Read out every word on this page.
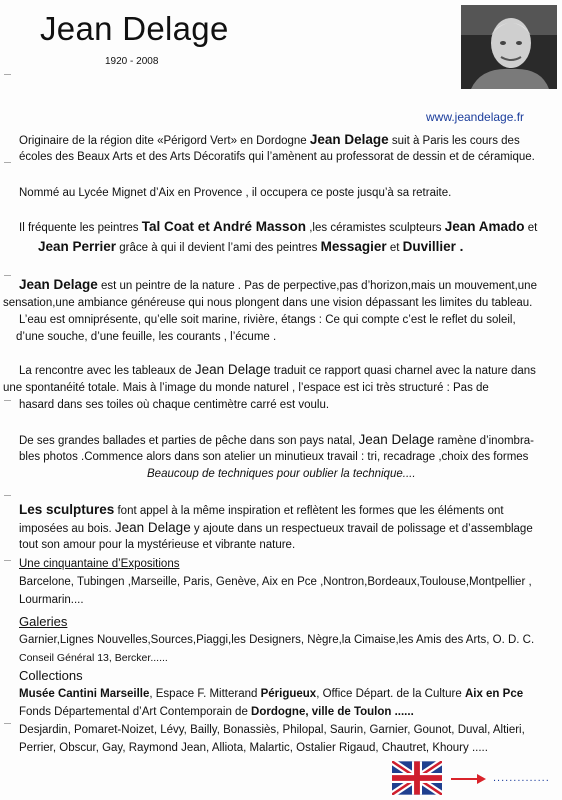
Jean Delage
1920 - 2008
www.jeandelage.fr
Originaire de la région dite «Périgord Vert» en Dordogne Jean Delage suit à Paris les cours des
écoles des Beaux Arts et des Arts Décoratifs qui l’amènent au professorat de dessin et de céramique.
Nommé au Lycée Mignet d’Aix en Provence , il occupera ce poste jusqu’à sa retraite.
Il fréquente les peintres Tal Coat et André Masson ,les céramistes sculpteurs Jean Amado et
Jean Perrier grâce à qui il devient l’ami des peintres Messagier et Duvillier .
Jean Delage est un peintre de la nature . Pas de perpective,pas d’horizon,mais un mouvement,une
sensation,une ambiance généreuse qui nous plongent dans une vision dépassant les limites du tableau.
L’eau est omniprésente, qu’elle soit marine, rivière, étangs : Ce qui compte c’est le reflet du soleil,
d’une souche, d’une feuille, les courants , l’écume .
La rencontre avec les tableaux de Jean Delage traduit ce rapport quasi charnel avec la nature dans
une spontanéité totale. Mais à l’image du monde naturel , l’espace est ici très structuré : Pas de
hasard dans ses toiles où chaque centimètre carré est voulu.
De ses grandes ballades et parties de pêche dans son pays natal, Jean Delage ramène d’inombra-
bles photos .Commence alors dans son atelier un minutieux travail : tri, recadrage ,choix des formes
Beaucoup de techniques pour oublier la technique....
Les sculptures font appel à la même inspiration et reflètent les formes que les éléments ont
imposées au bois. Jean Delage y ajoute dans un respectueux travail de polissage et d’assemblage
tout son amour pour la mystérieuse et vibrante nature.
Une cinquantaine d’Expositions
Barcelone, Tubingen ,Marseille, Paris, Genève, Aix en Pce ,Nontron,Bordeaux,Toulouse,Montpellier ,
Lourmarin....
Galeries
Garnier,Lignes Nouvelles,Sources,Piaggi,les Designers, Nègre,la Cimaise,les Amis des Arts, O. D. C.
Conseil Général 13, Bercker......
Collections
Musée Cantini Marseille, Espace F. Mitterand Périgueux, Office Départ. de la Culture Aix en Pce
Fonds Départemental d’Art Contemporain de Dordogne, ville de Toulon ......
Desjardin, Pomaret-Noizet, Lévy, Bailly, Bonassiès, Philopal, Saurin, Garnier, Gounot, Duval, Altieri,
Perrier, Obscur, Gay, Raymond Jean, Alliota, Malartic, Ostalier Rigaud, Chautret, Khoury .....
..............
